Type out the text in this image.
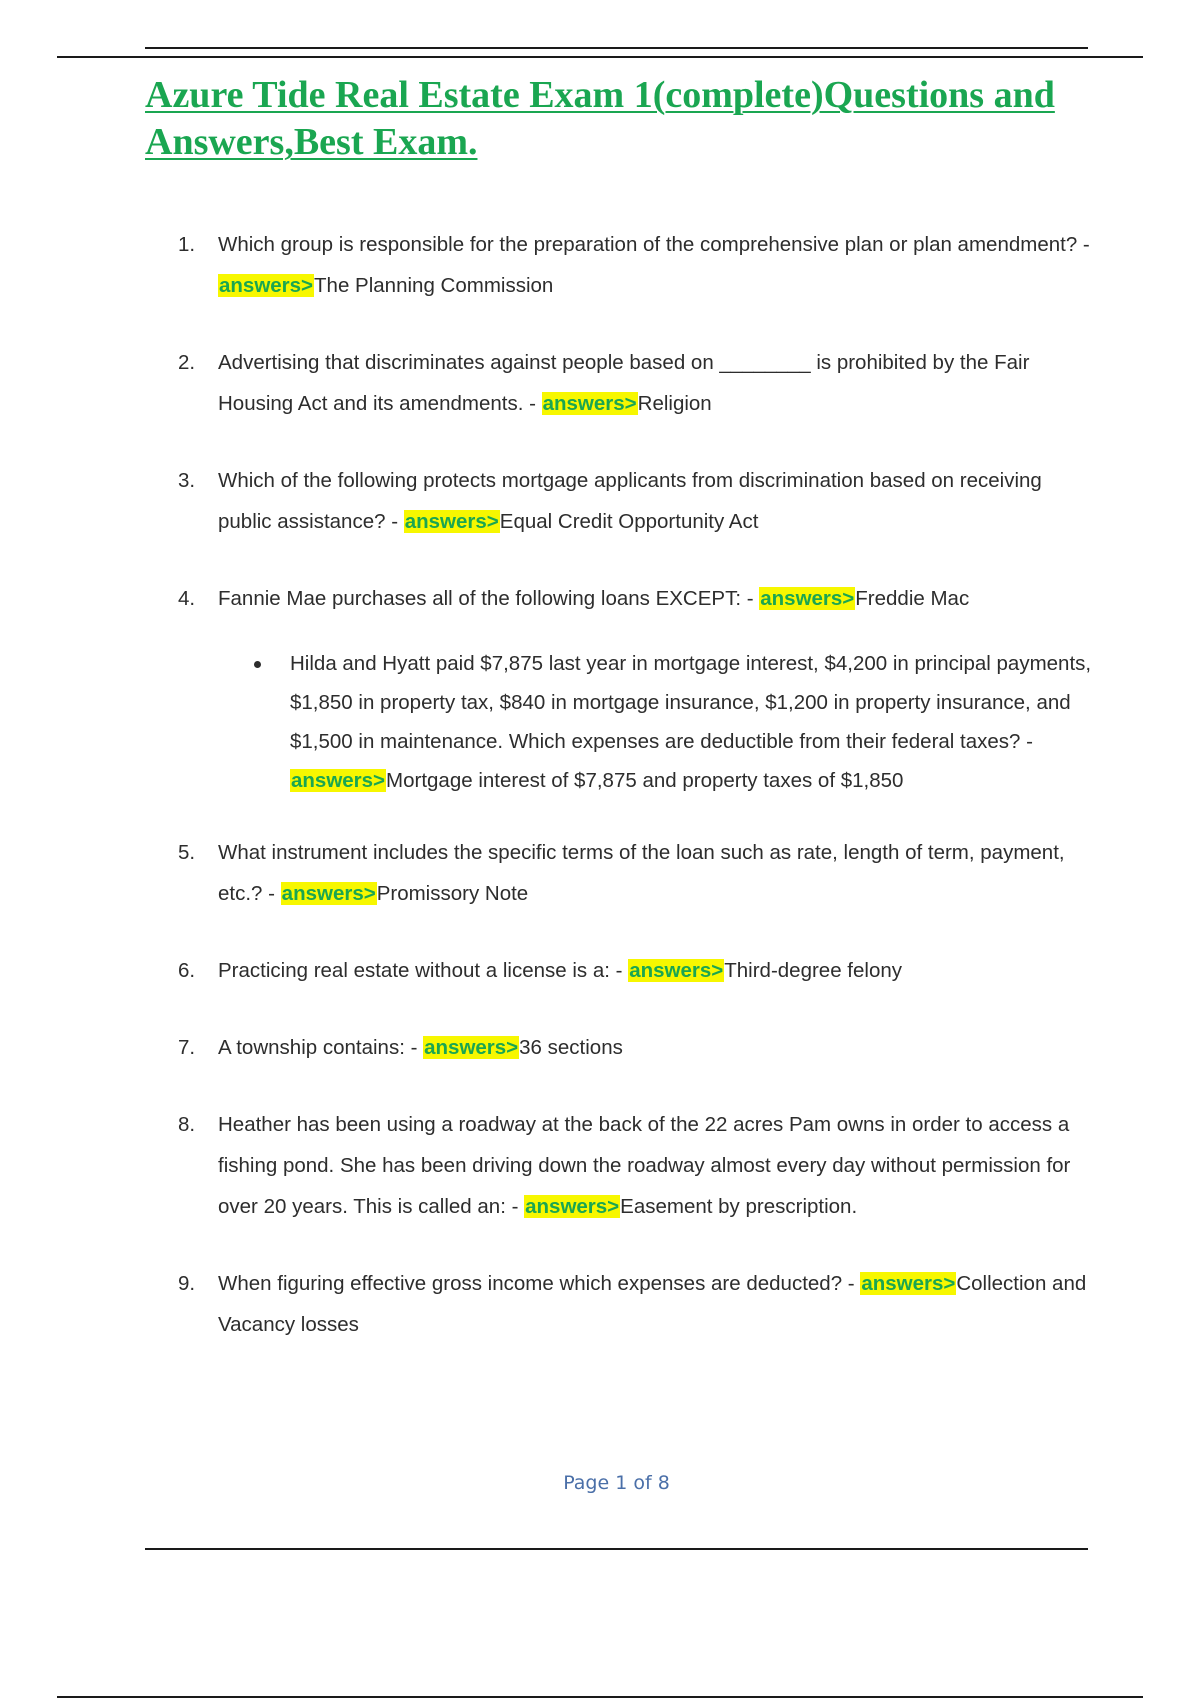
Azure Tide Real Estate Exam 1(complete)Questions and Answers,Best Exam.
1. Which group is responsible for the preparation of the comprehensive plan or plan amendment? - answers>The Planning Commission
2. Advertising that discriminates against people based on ________ is prohibited by the Fair Housing Act and its amendments. - answers>Religion
3. Which of the following protects mortgage applicants from discrimination based on receiving public assistance? - answers>Equal Credit Opportunity Act
4. Fannie Mae purchases all of the following loans EXCEPT: - answers>Freddie Mac
Hilda and Hyatt paid $7,875 last year in mortgage interest, $4,200 in principal payments, $1,850 in property tax, $840 in mortgage insurance, $1,200 in property insurance, and $1,500 in maintenance. Which expenses are deductible from their federal taxes? - answers>Mortgage interest of $7,875 and property taxes of $1,850
5. What instrument includes the specific terms of the loan such as rate, length of term, payment, etc.? - answers>Promissory Note
6. Practicing real estate without a license is a: - answers>Third-degree felony
7. A township contains: - answers>36 sections
8. Heather has been using a roadway at the back of the 22 acres Pam owns in order to access a fishing pond. She has been driving down the roadway almost every day without permission for over 20 years. This is called an: - answers>Easement by prescription.
9. When figuring effective gross income which expenses are deducted? - answers>Collection and Vacancy losses
Page 1 of 8
